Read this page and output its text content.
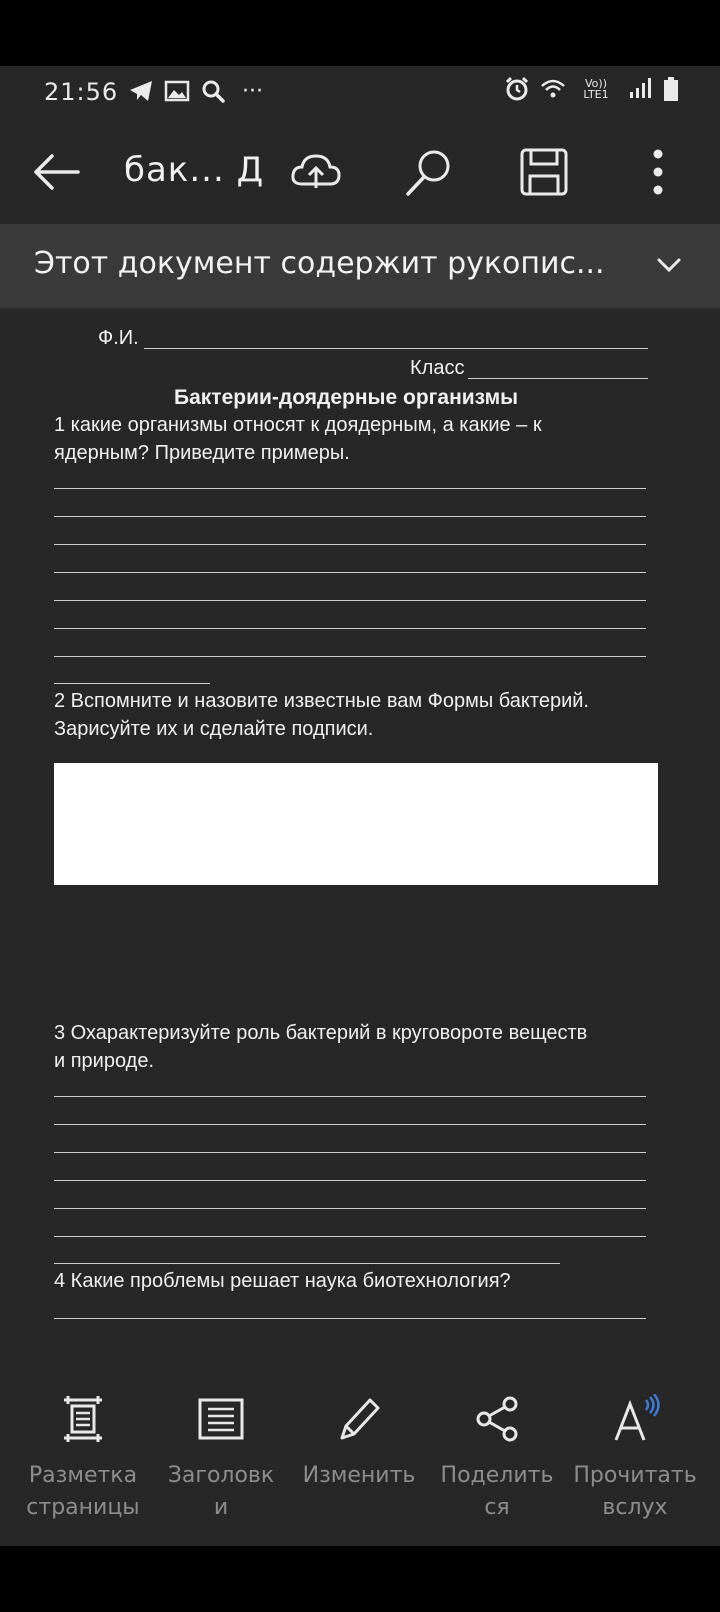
21:56	···	Vo)) LTE1
бак... Д
Этот документ содержит рукопис...
Ф.И.
Класс
Бактерии-доядерные организмы
1 какие организмы относят к доядерным, а какие – к
ядерным? Приведите примеры.
2 Вспомните и назовите известные вам Формы бактерий.
Зарисуйте их и сделайте подписи.
3 Охарактеризуйте роль бактерий в круговороте веществ
и природе.
4 Какие проблемы решает наука биотехнология?
Разметка
страницы
Заголовк
и
Изменить	Поделить
ся
Прочитать
вслух
